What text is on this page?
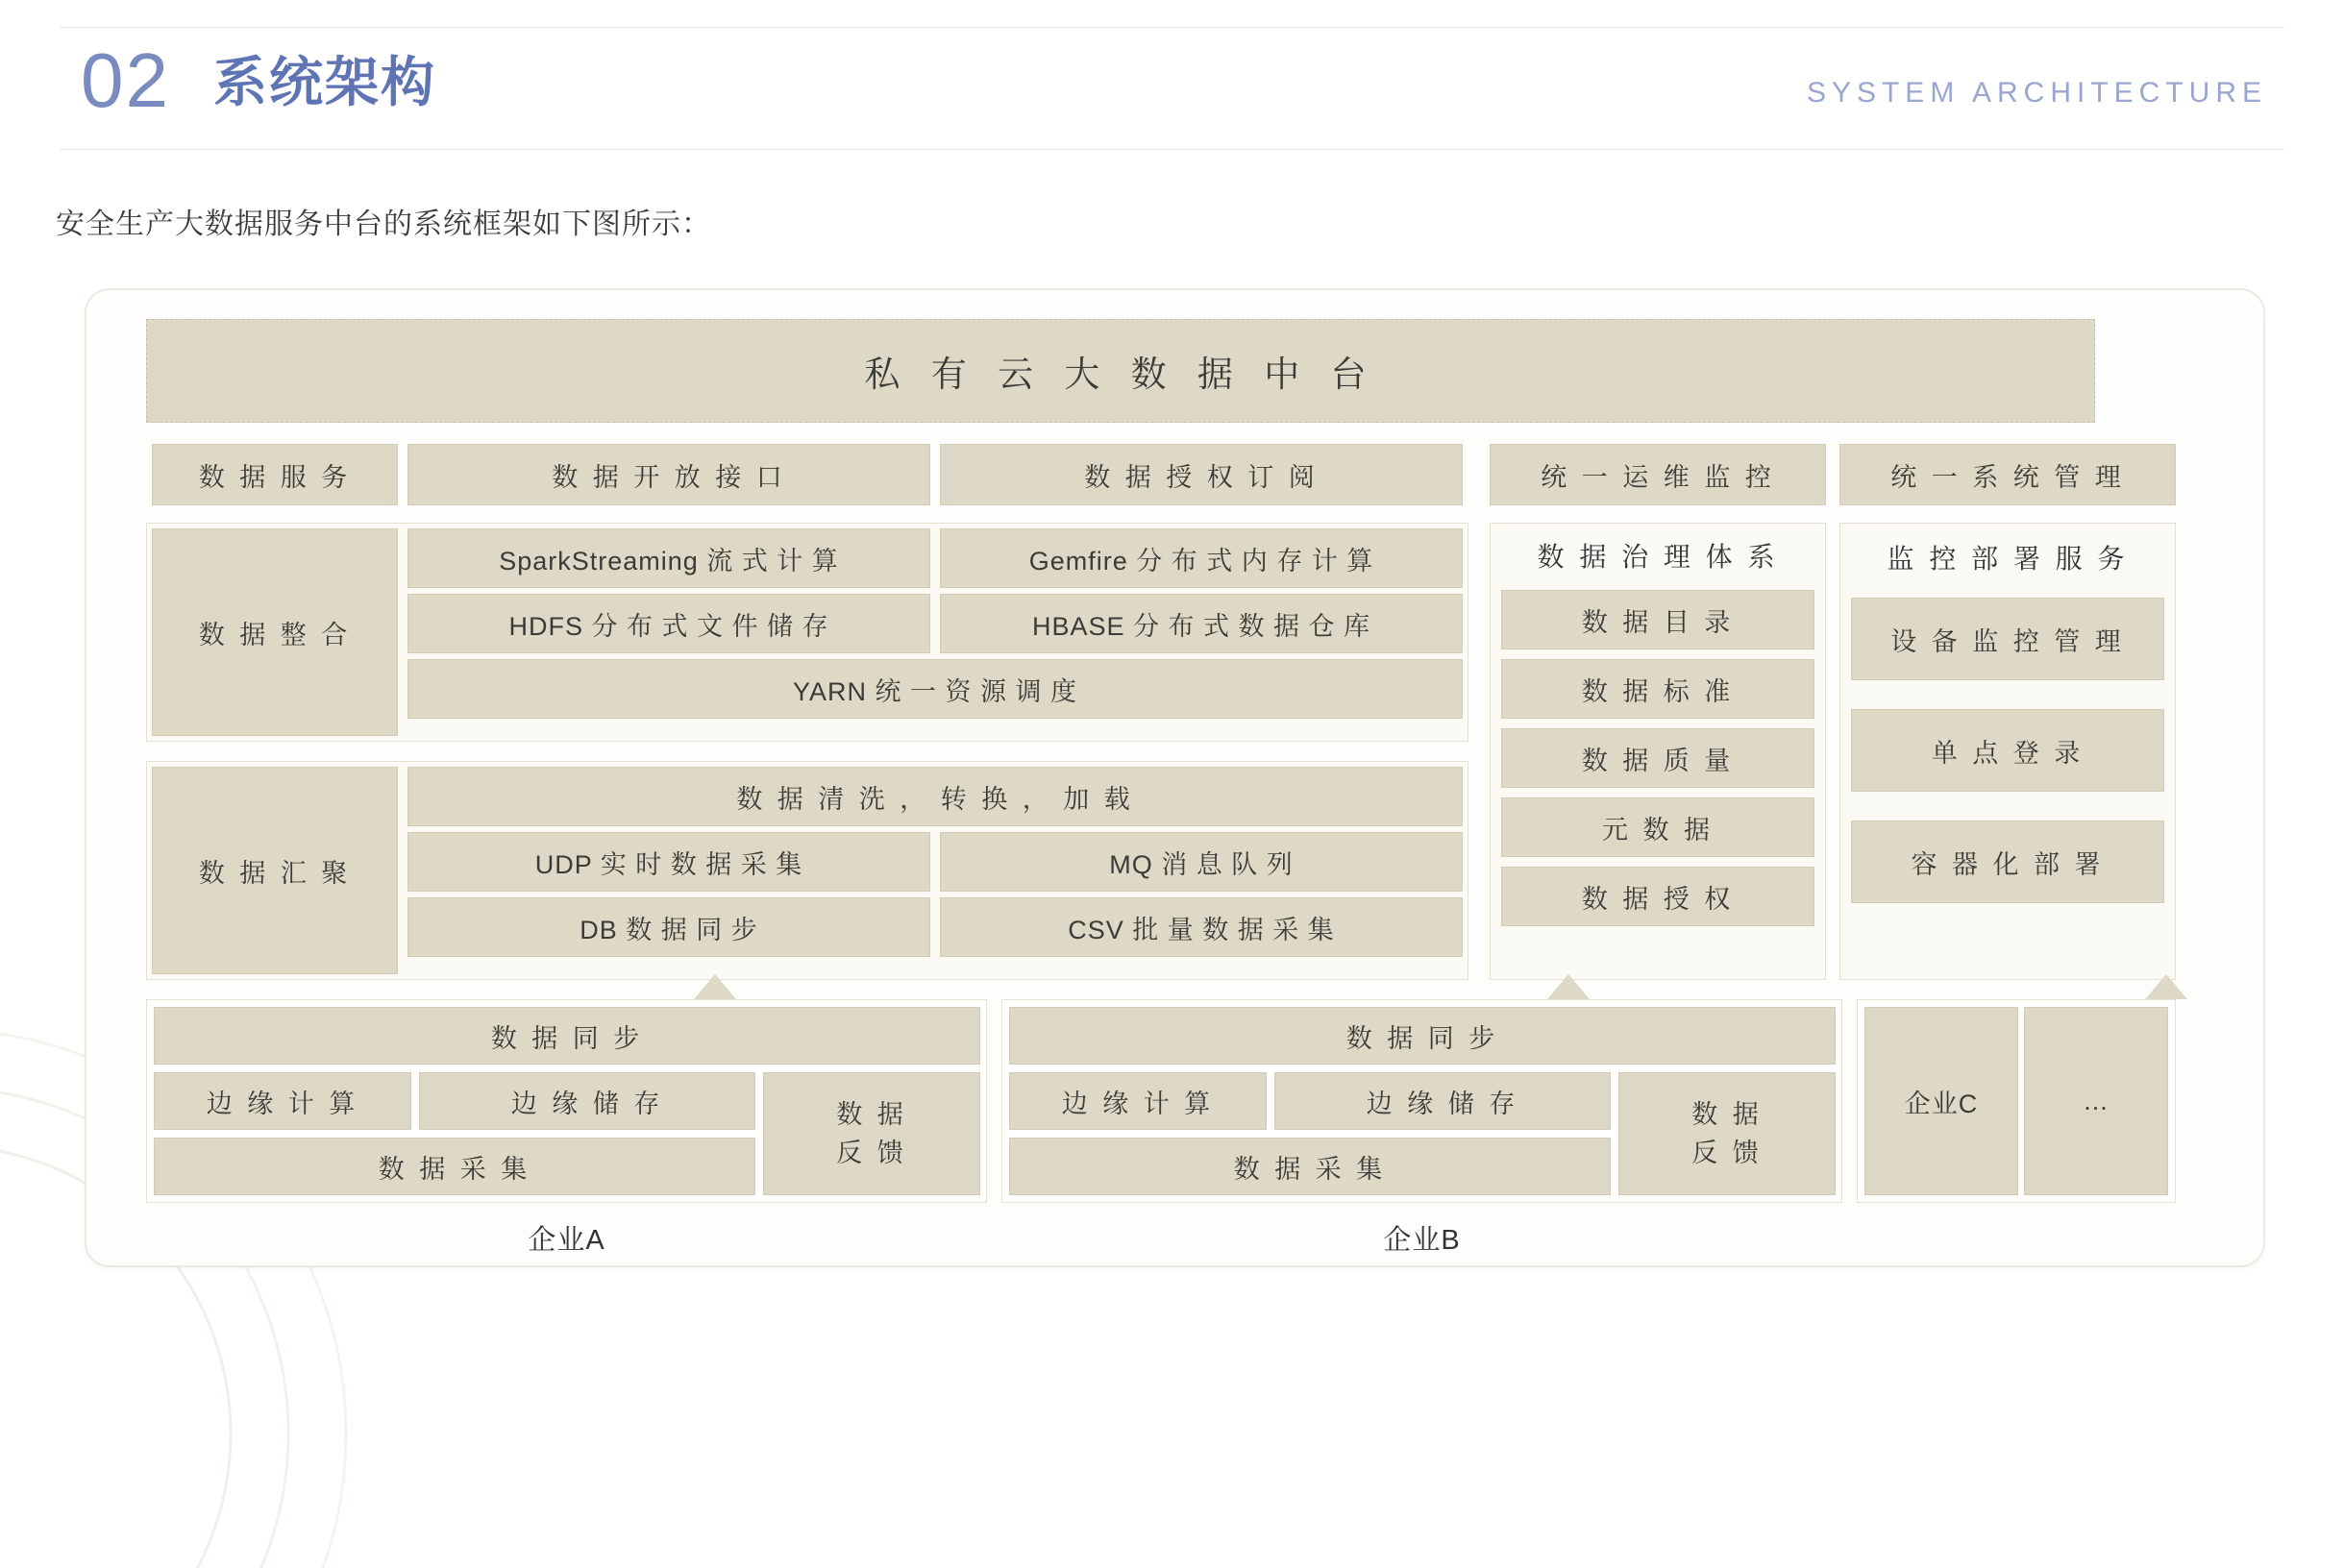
02 系统架构	SYSTEM ARCHITECTURE
安全生产大数据服务中台的系统框架如下图所示：
私 有 云 大 数 据 中 台
数 据 服 务	数 据 开 放 接 口	数 据 授 权 订 阅	统 一 运 维 监 控	统 一 系 统 管 理
数 据 整 合
SparkStreaming 流 式 计 算	Gemfire 分 布 式 内 存 计 算
HDFS 分 布 式 文 件 储 存	HBASE 分 布 式 数 据 仓 库
YARN 统 一 资 源 调 度
数 据 汇 聚
数 据 清 洗 ， 转 换 ， 加 载
UDP 实 时 数 据 采 集	MQ 消 息 队 列
DB 数 据 同 步	CSV 批 量 数 据 采 集
数 据 治 理 体 系
数 据 目 录
数 据 标 准
数 据 质 量
元 数 据
数 据 授 权
监 控 部 署 服 务
设 备 监 控 管 理
单 点 登 录
容 器 化 部 署
数 据 同 步
边 缘 计 算	边 缘 储 存
数 据 采 集
数 据
反 馈
企业A
数 据 同 步
边 缘 计 算	边 缘 储 存
数 据 采 集
数 据
反 馈
企业B
企业C	...
